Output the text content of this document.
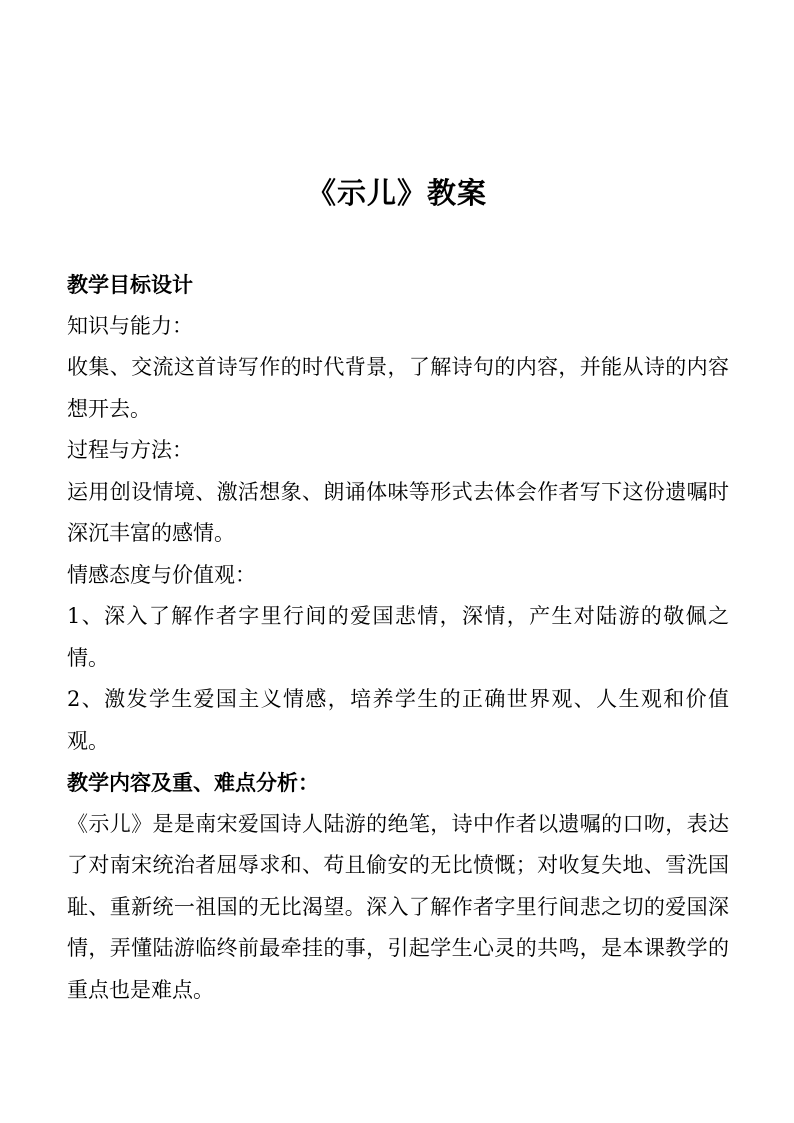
《示儿》教案

教学目标设计

知识与能力：

收集、交流这首诗写作的时代背景，了解诗句的内容，并能从诗的内容想开去。

过程与方法：

运用创设情境、激活想象、朗诵体味等形式去体会作者写下这份遗嘱时深沉丰富的感情。

情感态度与价值观：

1、深入了解作者字里行间的爱国悲情，深情，产生对陆游的敬佩之情。

2、激发学生爱国主义情感，培养学生的正确世界观、人生观和价值观。

教学内容及重、难点分析：

《示儿》是是南宋爱国诗人陆游的绝笔，诗中作者以遗嘱的口吻，表达了对南宋统治者屈辱求和、苟且偷安的无比愤慨；对收复失地、雪洗国耻、重新统一祖国的无比渴望。深入了解作者字里行间悲之切的爱国深情，弄懂陆游临终前最牵挂的事，引起学生心灵的共鸣，是本课教学的重点也是难点。
